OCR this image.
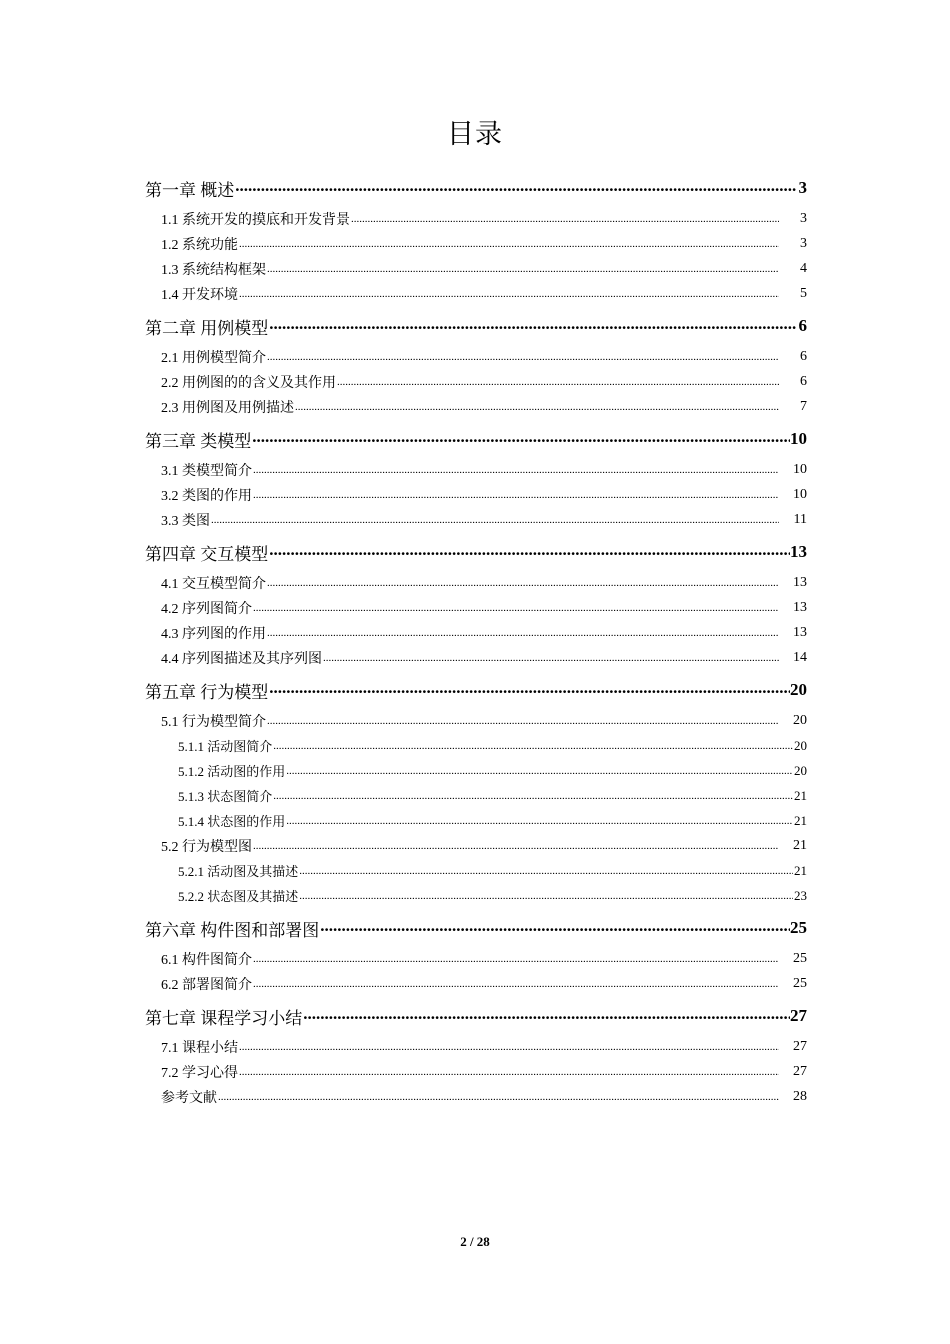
目录
第一章 概述 .....	3
1.1 系统开发的摸底和开发背景 .....	3
1.2 系统功能 .....	3
1.3 系统结构框架 .....	4
1.4 开发环境 .....	5
第二章 用例模型 .....	6
2.1 用例模型简介 .....	6
2.2 用例图的的含义及其作用 .....	6
2.3 用例图及用例描述 .....	7
第三章 类模型 .....	10
3.1 类模型简介 .....	10
3.2 类图的作用 .....	10
3.3 类图 .....	11
第四章 交互模型 .....	13
4.1 交互模型简介 .....	13
4.2 序列图简介 .....	13
4.3 序列图的作用 .....	13
4.4 序列图描述及其序列图 .....	14
第五章 行为模型 .....	20
5.1 行为模型简介 .....	20
5.1.1 活动图简介 .....	20
5.1.2 活动图的作用 .....	20
5.1.3 状态图简介 .....	21
5.1.4 状态图的作用 .....	21
5.2 行为模型图 .....	21
5.2.1 活动图及其描述 .....	21
5.2.2 状态图及其描述 .....	23
第六章 构件图和部署图 .....	25
6.1 构件图简介 .....	25
6.2 部署图简介 .....	25
第七章 课程学习小结 .....	27
7.1 课程小结 .....	27
7.2 学习心得 .....	27
参考文献 .....	28
2 / 28
